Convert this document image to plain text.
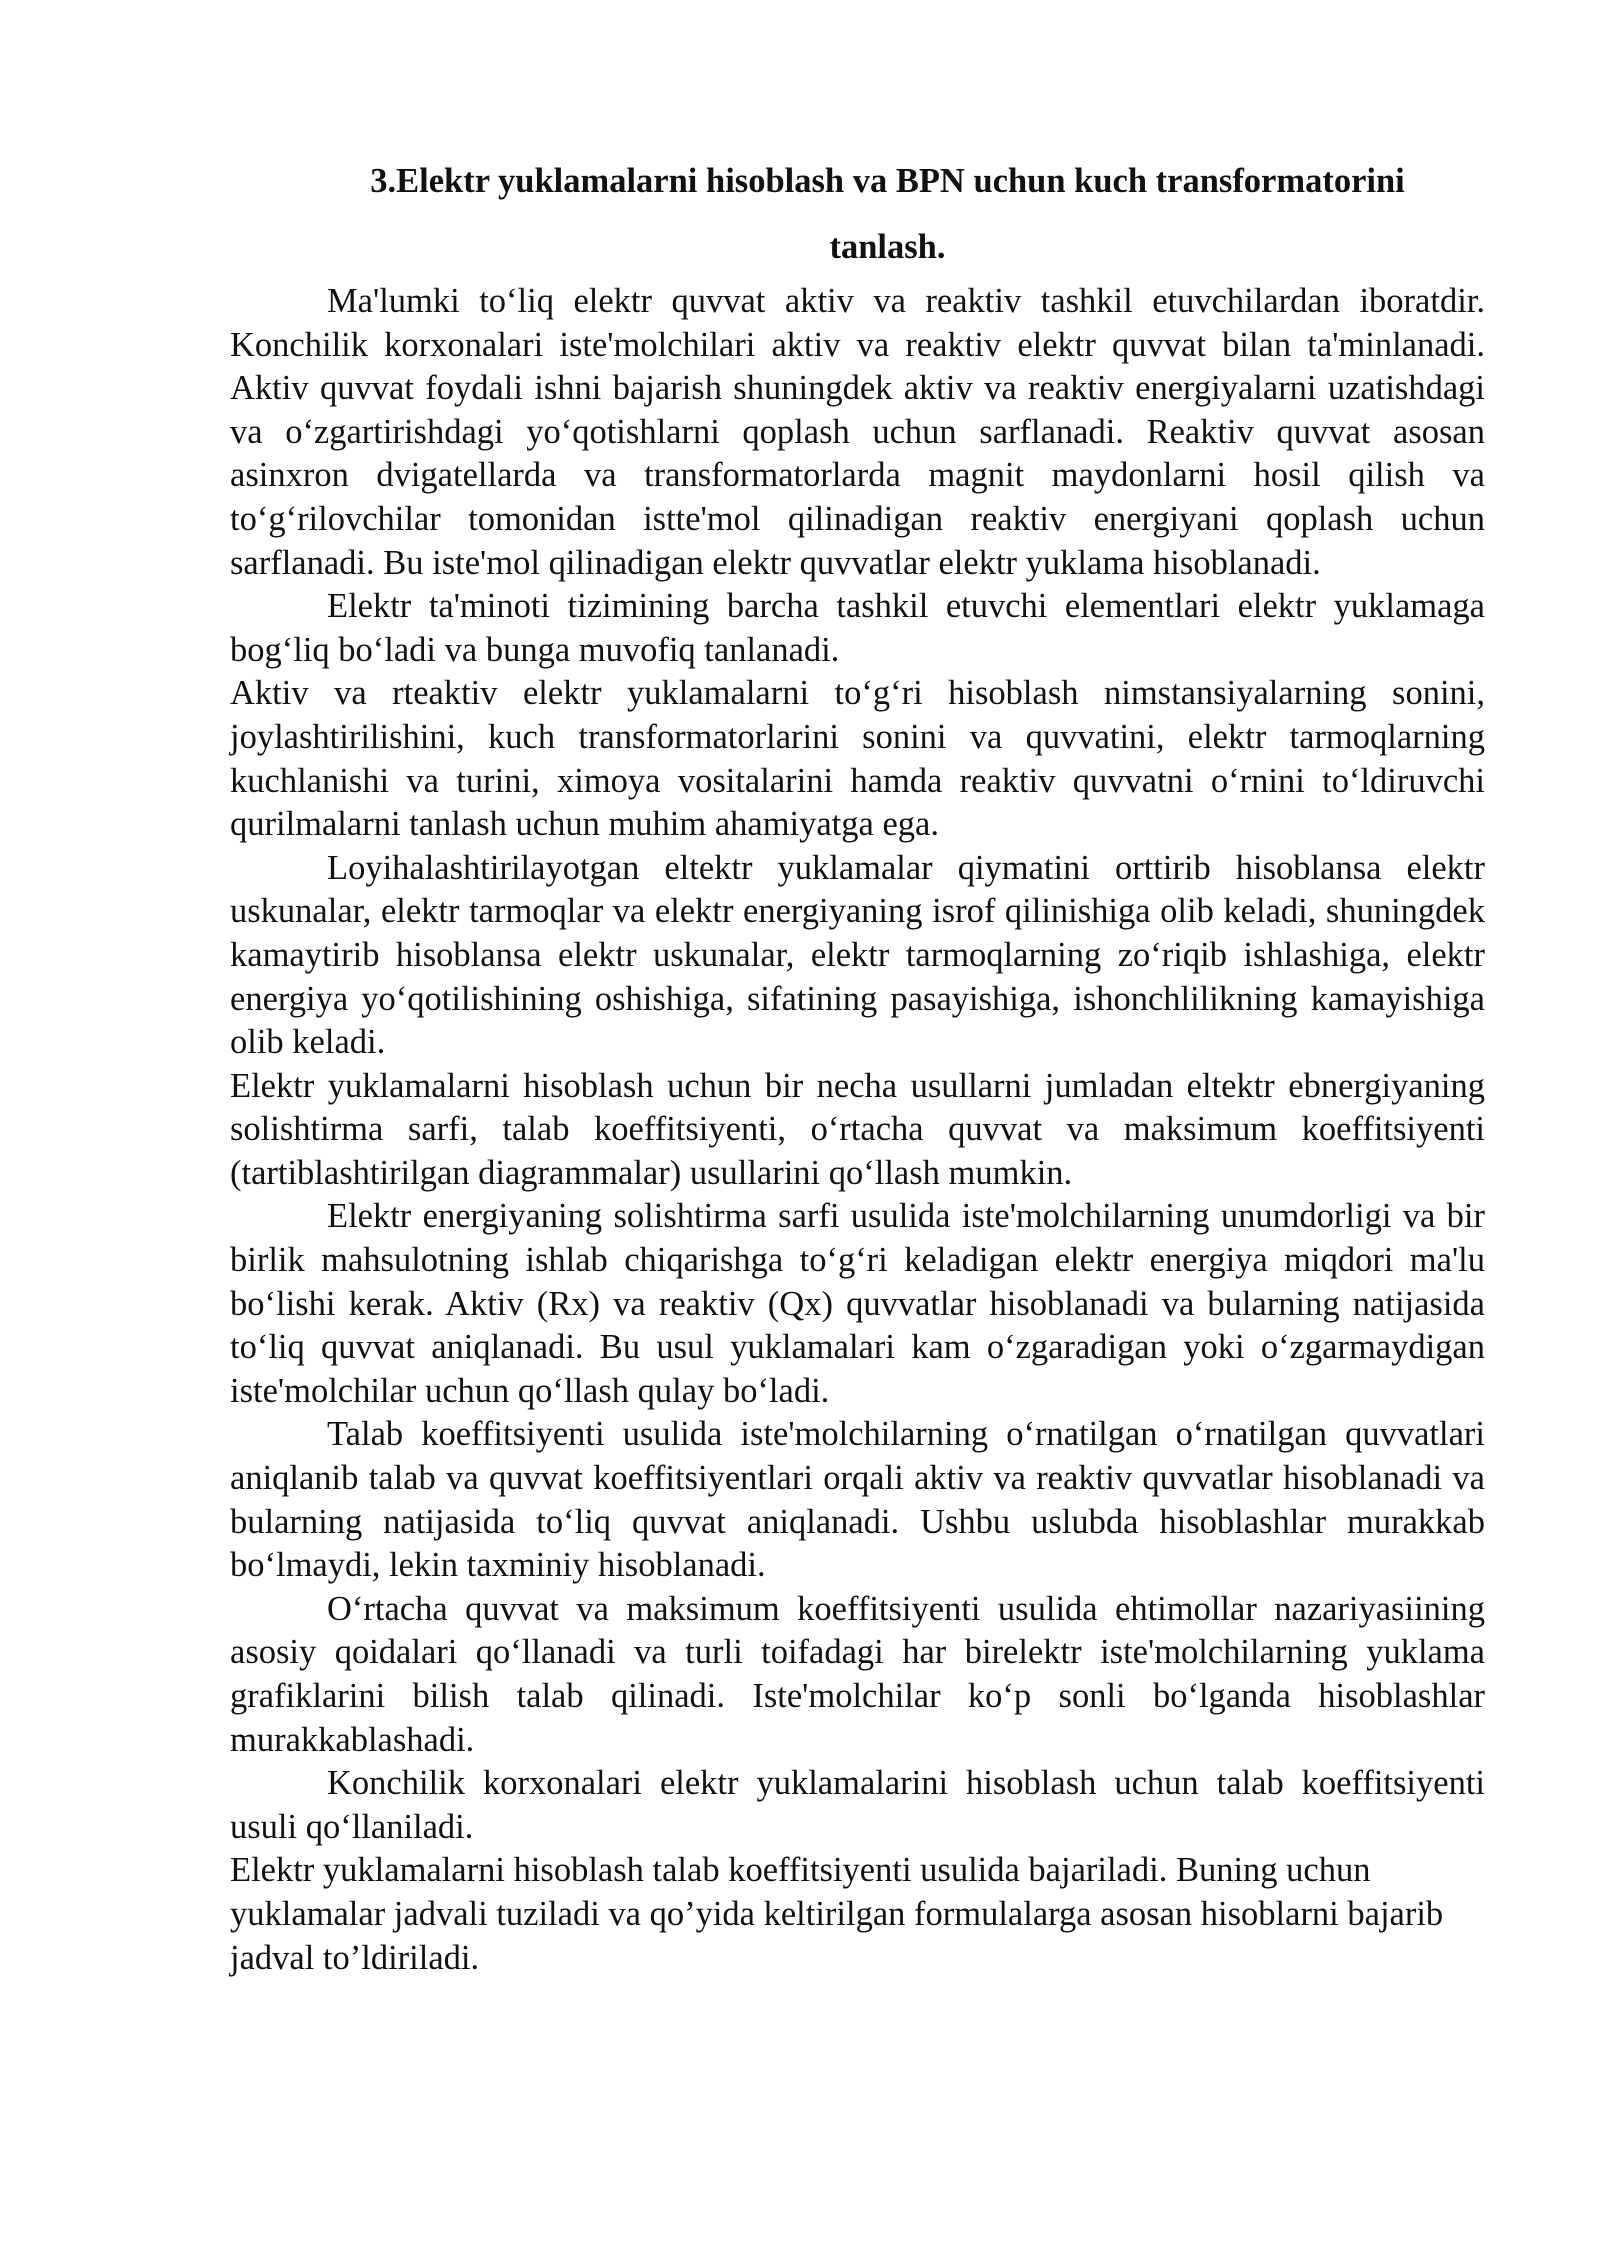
3.Elektr yuklamalarni hisoblash va BPN uchun kuch transformatorini
tanlash.

Ma'lumki to‘liq elektr quvvat aktiv va reaktiv tashkil etuvchilardan iboratdir. Konchilik korxonalari iste'molchilari aktiv va reaktiv elektr quvvat bilan ta'minlanadi. Aktiv quvvat foydali ishni bajarish shuningdek aktiv va reaktiv energiyalarni uzatishdagi va o‘zgartirishdagi yo‘qotishlarni qoplash uchun sarflanadi. Reaktiv quvvat asosan asinxron dvigatellarda va transformatorlarda magnit maydonlarni hosil qilish va to‘g‘rilovchilar tomonidan istte'mol qilinadigan reaktiv energiyani qoplash uchun sarflanadi. Bu iste'mol qilinadigan elektr quvvatlar elektr yuklama hisoblanadi.

Elektr ta'minoti tizimining barcha tashkil etuvchi elementlari elektr yuklamaga bog‘liq bo‘ladi va bunga muvofiq tanlanadi.

Aktiv va rteaktiv elektr yuklamalarni to‘g‘ri hisoblash nimstansiyalarning sonini, joylashtirilishini, kuch transformatorlarini sonini va quvvatini, elektr tarmoqlarning kuchlanishi va turini, ximoya vositalarini hamda reaktiv quvvatni o‘rnini to‘ldiruvchi qurilmalarni tanlash uchun muhim ahamiyatga ega.

Loyihalashtirilayotgan eltektr yuklamalar qiymatini orttirib hisoblansa elektr uskunalar, elektr tarmoqlar va elektr energiyaning isrof qilinishiga olib keladi, shuningdek kamaytirib hisoblansa elektr uskunalar, elektr tarmoqlarning zo‘riqib ishlashiga, elektr energiya yo‘qotilishining oshishiga, sifatining pasayishiga, ishonchlilikning kamayishiga olib keladi.

Elektr yuklamalarni hisoblash uchun bir necha usullarni jumladan eltektr ebnergiyaning solishtirma sarfi, talab koeffitsiyenti, o‘rtacha quvvat va maksimum koeffitsiyenti (tartiblashtirilgan diagrammalar) usullarini qo‘llash mumkin.

Elektr energiyaning solishtirma sarfi usulida iste'molchilarning unumdorligi va bir birlik mahsulotning ishlab chiqarishga to‘g‘ri keladigan elektr energiya miqdori ma'lu bo‘lishi kerak. Aktiv (Rx) va reaktiv (Qx) quvvatlar hisoblanadi va bularning natijasida to‘liq quvvat aniqlanadi. Bu usul yuklamalari kam o‘zgaradigan yoki o‘zgarmaydigan iste'molchilar uchun qo‘llash qulay bo‘ladi.

Talab koeffitsiyenti usulida iste'molchilarning o‘rnatilgan o‘rnatilgan quvvatlari aniqlanib talab va quvvat koeffitsiyentlari orqali aktiv va reaktiv quvvatlar hisoblanadi va bularning natijasida to‘liq quvvat aniqlanadi. Ushbu uslubda hisoblashlar murakkab bo‘lmaydi, lekin taxminiy hisoblanadi.

O‘rtacha quvvat va maksimum koeffitsiyenti usulida ehtimollar nazariyasiining asosiy qoidalari qo‘llanadi va turli toifadagi har birelektr iste'molchilarning yuklama grafiklarini bilish talab qilinadi. Iste'molchilar ko‘p sonli bo‘lganda hisoblashlar murakkablashadi.

Konchilik korxonalari elektr yuklamalarini hisoblash uchun talab koeffitsiyenti usuli qo‘llaniladi.

Elektr yuklamalarni hisoblash talab koeffitsiyenti usulida bajariladi. Buning uchun yuklamalar jadvali tuziladi va qo’yida keltirilgan formulalarga asosan hisoblarni bajarib jadval to’ldiriladi.
